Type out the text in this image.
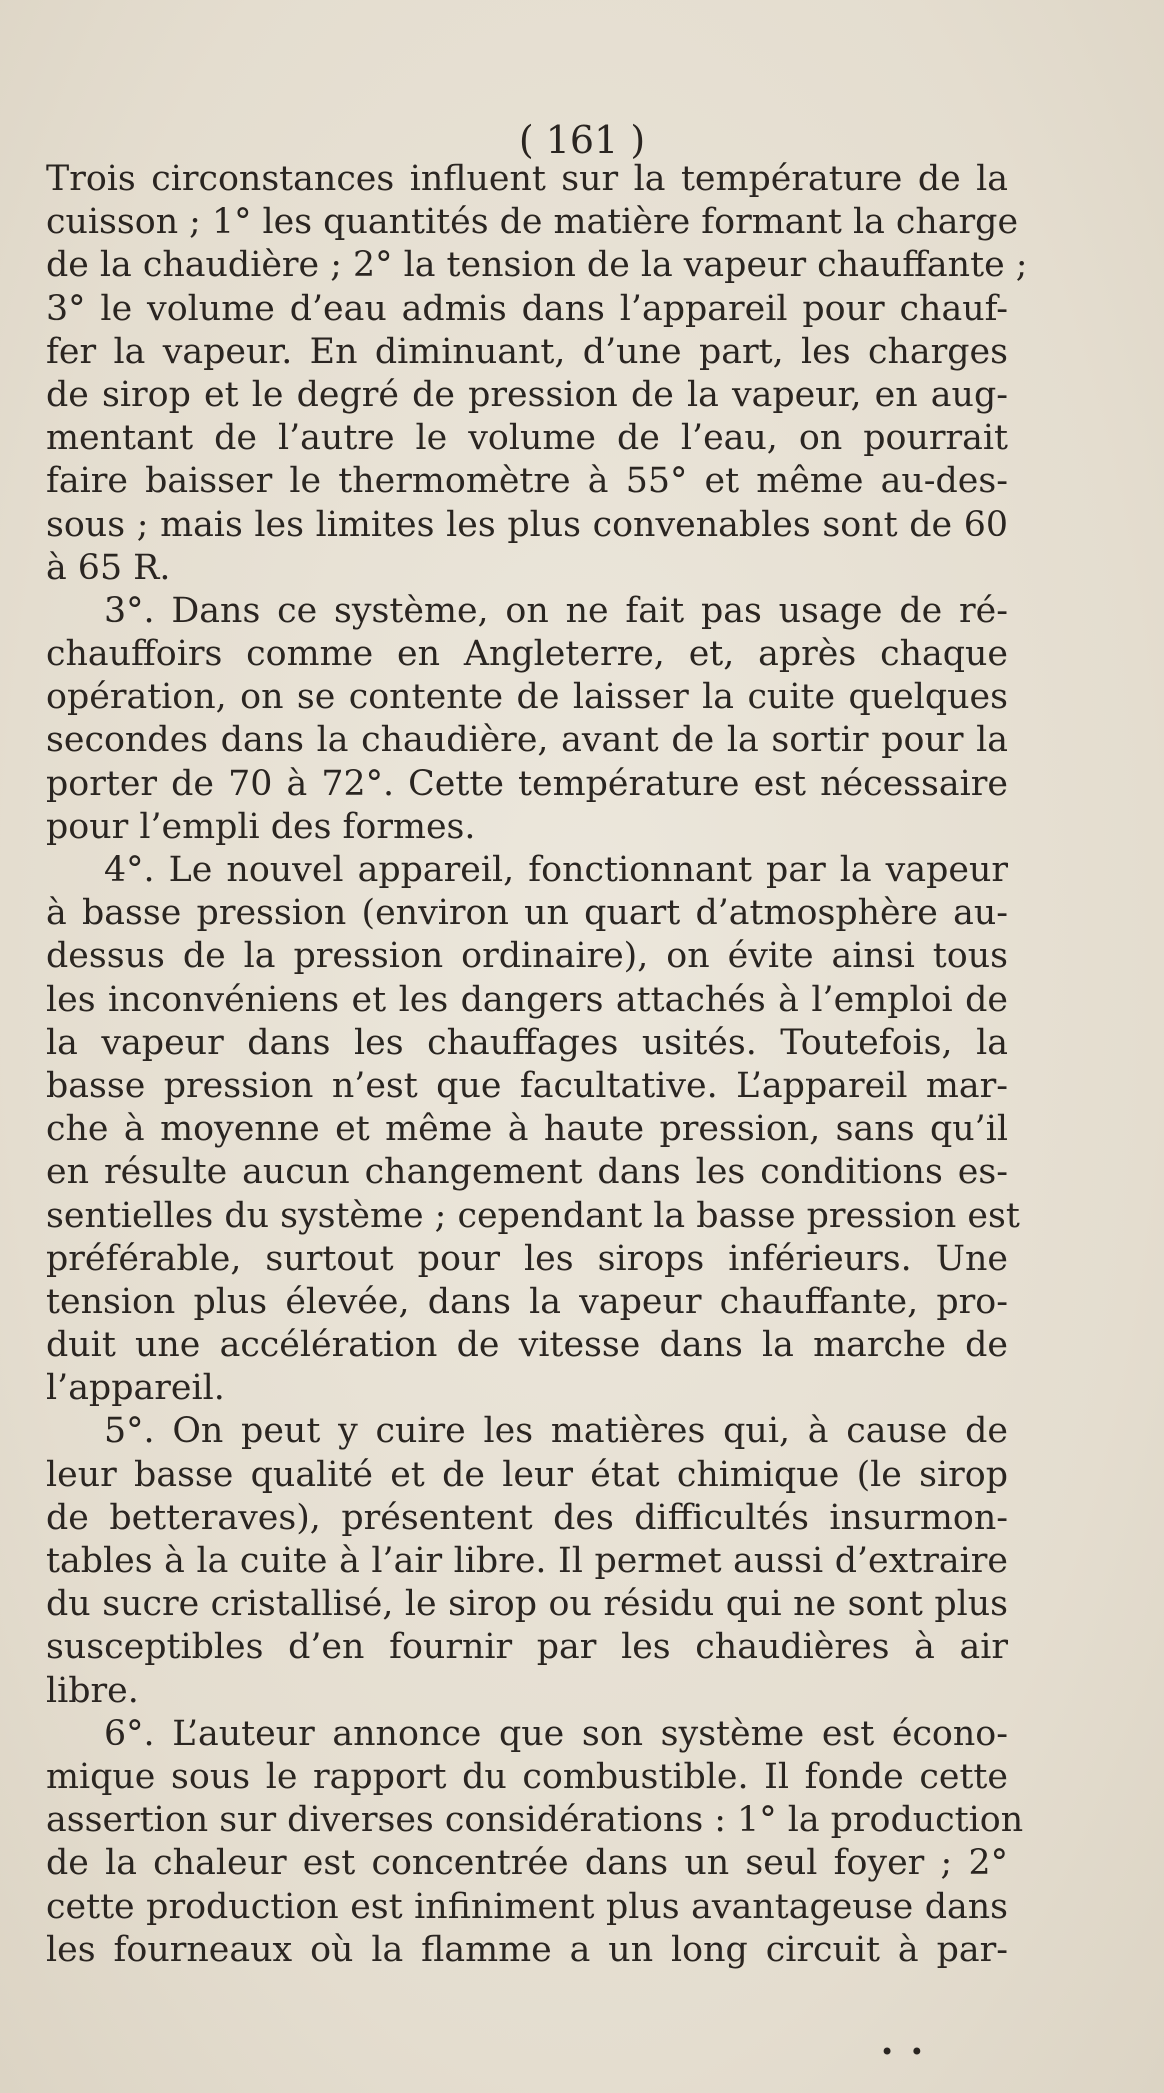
( 161 )
Trois circonstances influent sur la température de la
cuisson ; 1° les quantités de matière formant la charge
de la chaudière ; 2° la tension de la vapeur chauffante ;
3° le volume d’eau admis dans l’appareil pour chauf-
fer la vapeur. En diminuant, d’une part, les charges
de sirop et le degré de pression de la vapeur, en aug-
mentant de l’autre le volume de l’eau, on pourrait
faire baisser le thermomètre à 55° et même au-des-
sous ; mais les limites les plus convenables sont de 60
à 65 R.
3°. Dans ce système, on ne fait pas usage de ré-
chauffoirs comme en Angleterre, et, après chaque
opération, on se contente de laisser la cuite quelques
secondes dans la chaudière, avant de la sortir pour la
porter de 70 à 72°. Cette température est nécessaire
pour l’empli des formes.
4°. Le nouvel appareil, fonctionnant par la vapeur
à basse pression (environ un quart d’atmosphère au-
dessus de la pression ordinaire), on évite ainsi tous
les inconvéniens et les dangers attachés à l’emploi de
la vapeur dans les chauffages usités. Toutefois, la
basse pression n’est que facultative. L’appareil mar-
che à moyenne et même à haute pression, sans qu’il
en résulte aucun changement dans les conditions es-
sentielles du système ; cependant la basse pression est
préférable, surtout pour les sirops inférieurs. Une
tension plus élevée, dans la vapeur chauffante, pro-
duit une accélération de vitesse dans la marche de
l’appareil.
5°. On peut y cuire les matières qui, à cause de
leur basse qualité et de leur état chimique (le sirop
de betteraves), présentent des difficultés insurmon-
tables à la cuite à l’air libre. Il permet aussi d’extraire
du sucre cristallisé, le sirop ou résidu qui ne sont plus
susceptibles d’en fournir par les chaudières à air
libre.
6°. L’auteur annonce que son système est écono-
mique sous le rapport du combustible. Il fonde cette
assertion sur diverses considérations : 1° la production
de la chaleur est concentrée dans un seul foyer ; 2°
cette production est infiniment plus avantageuse dans
les fourneaux où la flamme a un long circuit à par-
• •
